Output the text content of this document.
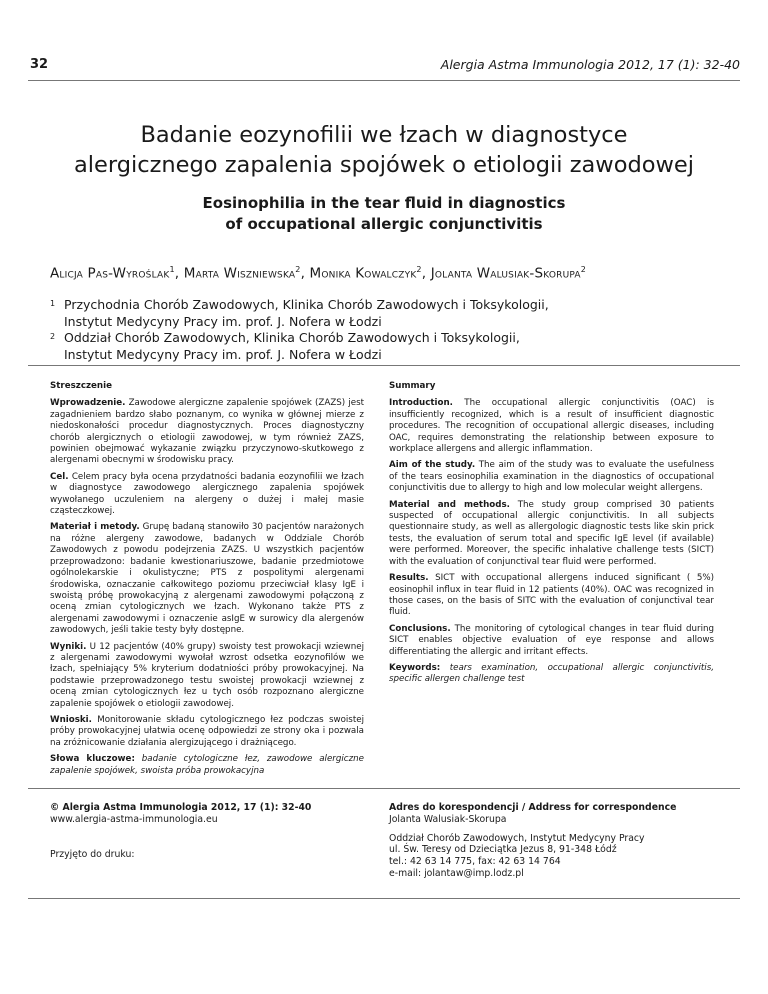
32	Alergia Astma Immunologia 2012, 17 (1): 32-40
Badanie eozynofilii we łzach w diagnostyce
alergicznego zapalenia spojówek o etiologii zawodowej
Eosinophilia in the tear fluid in diagnostics
of occupational allergic conjunctivitis
Alicja Pas-Wyroślak$^1$, Marta Wiszniewska$^2$, Monika Kowalczyk$^2$, Jolanta Walusiak-Skorupa$^2$
1 Przychodnia Chorób Zawodowych, Klinika Chorób Zawodowych i Toksykologii,
Instytut Medycyny Pracy im. prof. J. Nofera w Łodzi
2 Oddział Chorób Zawodowych, Klinika Chorób Zawodowych i Toksykologii,
Instytut Medycyny Pracy im. prof. J. Nofera w Łodzi
Streszczenie

Wprowadzenie. Zawodowe alergiczne zapalenie spojówek (ZAZS) jest zagadnieniem bardzo słabo poznanym, co wynika w głównej mierze z niedoskonałości procedur diagnostycznych. Proces diagnostyczny chorób alergicznych o etiologii zawodowej, w tym również ZAZS, powinien obejmować wykazanie związku przyczynowo-skutkowego z alergenami obecnymi w środowisku pracy.

Cel. Celem pracy była ocena przydatności badania eozynofilii we łzach w diagnostyce zawodowego alergicznego zapalenia spojówek wywołanego uczuleniem na alergeny o dużej i małej masie cząsteczkowej.

Materiał i metody. Grupę badaną stanowiło 30 pacjentów narażonych na różne alergeny zawodowe, badanych w Oddziale Chorób Zawodowych z powodu podejrzenia ZAZS. U wszystkich pacjentów przeprowadzono: badanie kwestionariuszowe, badanie przedmiotowe ogólnolekarskie i okulistyczne; PTS z pospolitymi alergenami środowiska, oznaczanie całkowitego poziomu przeciwciał klasy IgE i swoistą próbę prowokacyjną z alergenami zawodowymi połączoną z oceną zmian cytologicznych we łzach. Wykonano także PTS z alergenami zawodowymi i oznaczenie asIgE w surowicy dla alergenów zawodowych, jeśli takie testy były dostępne.

Wyniki. U 12 pacjentów (40% grupy) swoisty test prowokacji wziewnej z alergenami zawodowymi wywołał wzrost odsetka eozynofilów we łzach, spełniający 5% kryterium dodatniości próby prowokacyjnej. Na podstawie przeprowadzonego testu swoistej prowokacji wziewnej z oceną zmian cytologicznych łez u tych osób rozpoznano alergiczne zapalenie spojówek o etiologii zawodowej.

Wnioski. Monitorowanie składu cytologicznego łez podczas swoistej próby prowokacyjnej ułatwia ocenę odpowiedzi ze strony oka i pozwala na zróżnicowanie działania alergizującego i drażniącego.

Słowa kluczowe: badanie cytologiczne łez, zawodowe alergiczne zapalenie spojówek, swoista próba prowokacyjna

Summary

Introduction. The occupational allergic conjunctivitis (OAC) is insufficiently recognized, which is a result of insufficient diagnostic procedures. The recognition of occupational allergic diseases, including OAC, requires demonstrating the relationship between exposure to workplace allergens and allergic inflammation.

Aim of the study. The aim of the study was to evaluate the usefulness of the tears eosinophilia examination in the diagnostics of occupational conjunctivitis due to allergy to high and low molecular weight allergens.

Material and methods. The study group comprised 30 patients suspected of occupational allergic conjunctivitis. In all subjects questionnaire study, as well as allergologic diagnostic tests like skin prick tests, the evaluation of serum total and specific IgE level (if available) were performed. Moreover, the specific inhalative challenge tests (SICT) with the evaluation of conjunctival tear fluid were performed.

Results. SICT with occupational allergens induced significant ( 5%) eosinophil influx in tear fluid in 12 patients (40%). OAC was recognized in those cases, on the basis of SITC with the evaluation of conjunctival tear fluid.

Conclusions. The monitoring of cytological changes in tear fluid during SICT enables objective evaluation of eye response and allows differentiating the allergic and irritant effects.

Keywords: tears examination, occupational allergic conjunctivitis, specific allergen challenge test

© Alergia Astma Immunologia 2012, 17 (1): 32-40
www.alergia-astma-immunologia.eu
Przyjęto do druku:
Adres do korespondencji / Address for correspondence
Jolanta Walusiak-Skorupa
Oddział Chorób Zawodowych, Instytut Medycyny Pracy
ul. Św. Teresy od Dzieciątka Jezus 8, 91-348 Łódź
tel.: 42 63 14 775, fax: 42 63 14 764
e-mail: jolantaw@imp.lodz.pl
